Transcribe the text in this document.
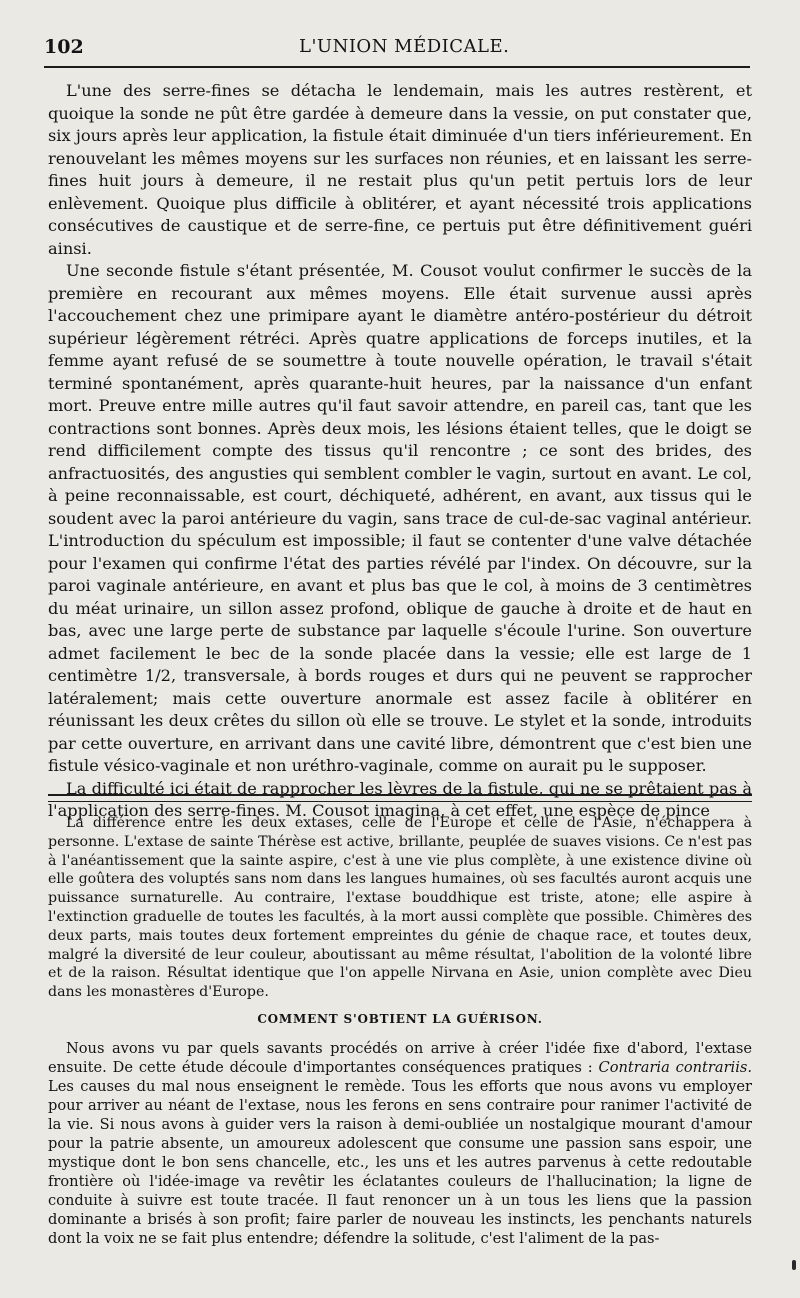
102	L'UNION MÉDICALE.

L'une des serre-fines se détacha le lendemain, mais les autres restèrent, et quoique la sonde ne pût être gardée à demeure dans la vessie, on put constater que, six jours après leur application, la fistule était diminuée d'un tiers inférieurement. En renouvelant les mêmes moyens sur les surfaces non réunies, et en laissant les serre-fines huit jours à demeure, il ne restait plus qu'un petit pertuis lors de leur enlèvement. Quoique plus difficile à oblitérer, et ayant nécessité trois applications consécutives de caustique et de serre-fine, ce pertuis put être définitivement guéri ainsi.

Une seconde fistule s'étant présentée, M. Cousot voulut confirmer le succès de la première en recourant aux mêmes moyens. Elle était survenue aussi après l'accouchement chez une primipare ayant le diamètre antéro-postérieur du détroit supérieur légèrement rétréci. Après quatre applications de forceps inutiles, et la femme ayant refusé de se soumettre à toute nouvelle opération, le travail s'était terminé spontanément, après quarante-huit heures, par la naissance d'un enfant mort. Preuve entre mille autres qu'il faut savoir attendre, en pareil cas, tant que les contractions sont bonnes. Après deux mois, les lésions étaient telles, que le doigt se rend difficilement compte des tissus qu'il rencontre ; ce sont des brides, des anfractuosités, des angusties qui semblent combler le vagin, surtout en avant. Le col, à peine reconnaissable, est court, déchiqueté, adhérent, en avant, aux tissus qui le soudent avec la paroi antérieure du vagin, sans trace de cul-de-sac vaginal antérieur. L'introduction du spéculum est impossible; il faut se contenter d'une valve détachée pour l'examen qui confirme l'état des parties révélé par l'index. On découvre, sur la paroi vaginale antérieure, en avant et plus bas que le col, à moins de 3 centimètres du méat urinaire, un sillon assez profond, oblique de gauche à droite et de haut en bas, avec une large perte de substance par laquelle s'écoule l'urine. Son ouverture admet facilement le bec de la sonde placée dans la vessie; elle est large de 1 centimètre 1/2, transversale, à bords rouges et durs qui ne peuvent se rapprocher latéralement; mais cette ouverture anormale est assez facile à oblitérer en réunissant les deux crêtes du sillon où elle se trouve. Le stylet et la sonde, introduits par cette ouverture, en arrivant dans une cavité libre, démontrent que c'est bien une fistule vésico-vaginale et non uréthro-vaginale, comme on aurait pu le supposer.

La difficulté ici était de rapprocher les lèvres de la fistule, qui ne se prêtaient pas à l'application des serre-fines. M. Cousot imagina, à cet effet, une espèce de pince

La différence entre les deux extases, celle de l'Europe et celle de l'Asie, n'échappera à personne. L'extase de sainte Thérèse est active, brillante, peuplée de suaves visions. Ce n'est pas à l'anéantissement que la sainte aspire, c'est à une vie plus complète, à une existence divine où elle goûtera des voluptés sans nom dans les langues humaines, où ses facultés auront acquis une puissance surnaturelle. Au contraire, l'extase bouddhique est triste, atone; elle aspire à l'extinction graduelle de toutes les facultés, à la mort aussi complète que possible. Chimères des deux parts, mais toutes deux fortement empreintes du génie de chaque race, et toutes deux, malgré la diversité de leur couleur, aboutissant au même résultat, l'abolition de la volonté libre et de la raison. Résultat identique que l'on appelle Nirvana en Asie, union complète avec Dieu dans les monastères d'Europe.

COMMENT S'OBTIENT LA GUÉRISON.

Nous avons vu par quels savants procédés on arrive à créer l'idée fixe d'abord, l'extase ensuite. De cette étude découle d'importantes conséquences pratiques : Contraria contrariis. Les causes du mal nous enseignent le remède. Tous les efforts que nous avons vu employer pour arriver au néant de l'extase, nous les ferons en sens contraire pour ranimer l'activité de la vie. Si nous avons à guider vers la raison à demi-oubliée un nostalgique mourant d'amour pour la patrie absente, un amoureux adolescent que consume une passion sans espoir, une mystique dont le bon sens chancelle, etc., les uns et les autres parvenus à cette redoutable frontière où l'idée-image va revêtir les éclatantes couleurs de l'hallucination; la ligne de conduite à suivre est toute tracée. Il faut renoncer un à un tous les liens que la passion dominante a brisés à son profit; faire parler de nouveau les instincts, les penchants naturels dont la voix ne se fait plus entendre; défendre la solitude, c'est l'aliment de la pas-
